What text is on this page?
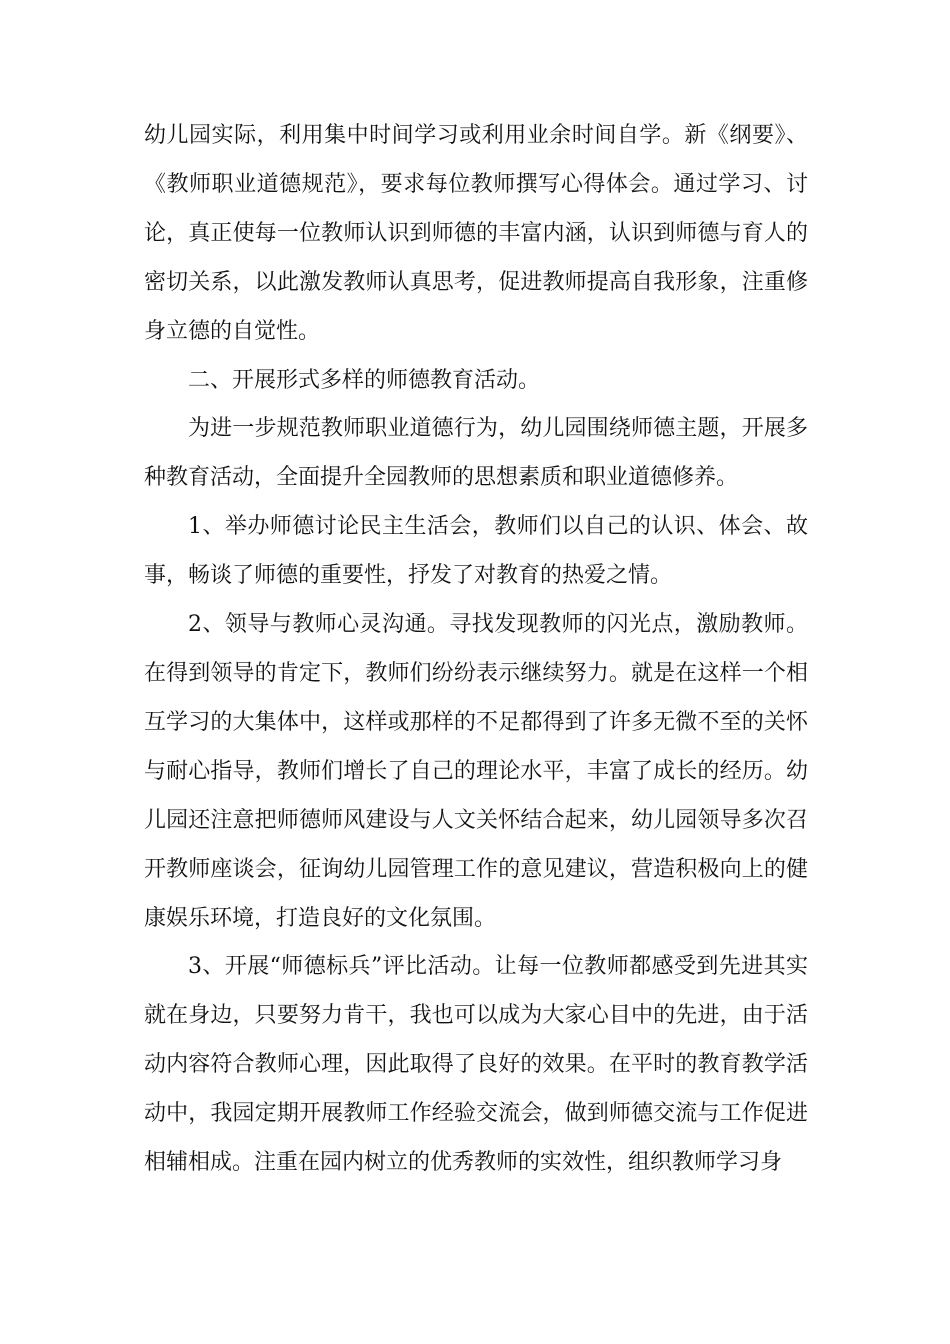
幼儿园实际，利用集中时间学习或利用业余时间自学。新《纲要》、《教师职业道德规范》，要求每位教师撰写心得体会。通过学习、讨论，真正使每一位教师认识到师德的丰富内涵，认识到师德与育人的密切关系，以此激发教师认真思考，促进教师提高自我形象，注重修身立德的自觉性。

二、开展形式多样的师德教育活动。

为进一步规范教师职业道德行为，幼儿园围绕师德主题，开展多种教育活动，全面提升全园教师的思想素质和职业道德修养。

1、举办师德讨论民主生活会，教师们以自己的认识、体会、故事，畅谈了师德的重要性，抒发了对教育的热爱之情。

2、领导与教师心灵沟通。寻找发现教师的闪光点，激励教师。在得到领导的肯定下，教师们纷纷表示继续努力。就是在这样一个相互学习的大集体中，这样或那样的不足都得到了许多无微不至的关怀与耐心指导，教师们增长了自己的理论水平，丰富了成长的经历。幼儿园还注意把师德师风建设与人文关怀结合起来，幼儿园领导多次召开教师座谈会，征询幼儿园管理工作的意见建议，营造积极向上的健康娱乐环境，打造良好的文化氛围。

3、开展“师德标兵”评比活动。让每一位教师都感受到先进其实就在身边，只要努力肯干，我也可以成为大家心目中的先进，由于活动内容符合教师心理，因此取得了良好的效果。在平时的教育教学活动中，我园定期开展教师工作经验交流会，做到师德交流与工作促进相辅相成。注重在园内树立的优秀教师的实效性，组织教师学习身
